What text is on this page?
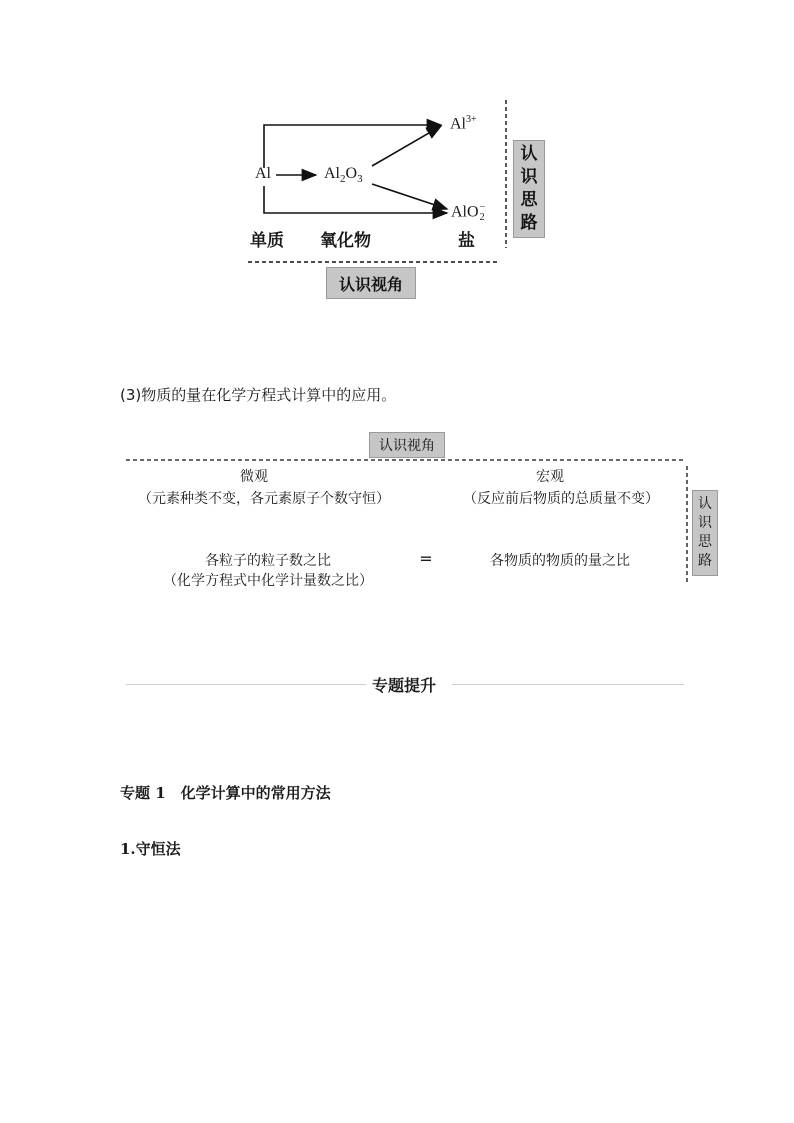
Al	$Al_2O_3$
$Al^{3+}$
AlO −
2
单质 氧化物	盐
认
识
思
路
认识视角
(3)物质的量在化学方程式计算中的应用。
认识视角
微观
（元素种类不变，各元素原子个数守恒）
宏观
（反应前后物质的总质量不变）
各粒子的粒子数之比
（化学方程式中化学计量数之比）
=	各物质的物质的量之比
认
识
思
路
专题提升
专题 1　化学计算中的常用方法
1.守恒法
